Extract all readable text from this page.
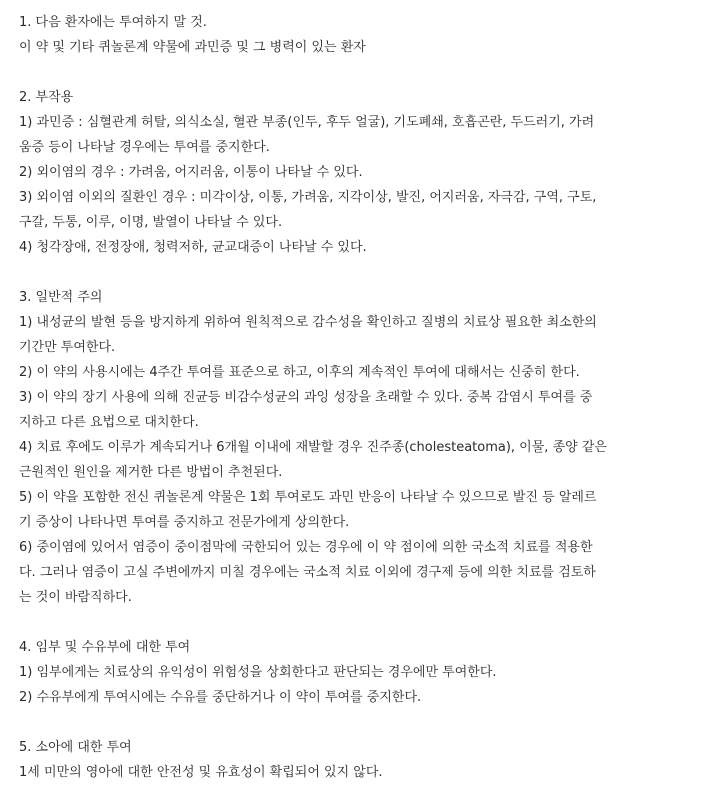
1. 다음 환자에는 투여하지 말 것.
이 약 및 기타 퀴놀론계 약물에 과민증 및 그 병력이 있는 환자
2. 부작용
1) 과민증 : 심혈관계 허탈, 의식소실, 혈관 부종(인두, 후두 얼굴), 기도폐쇄, 호흡곤란, 두드러기, 가려
움증 등이 나타날 경우에는 투여를 중지한다.
2) 외이염의 경우 : 가려움, 어지러움, 이통이 나타날 수 있다.
3) 외이염 이외의 질환인 경우 : 미각이상, 이통, 가려움, 지각이상, 발진, 어지러움, 자극감, 구역, 구토,
구갈, 두통, 이루, 이명, 발열이 나타날 수 있다.
4) 청각장애, 전정장애, 청력저하, 균교대증이 나타날 수 있다.
3. 일반적 주의
1) 내성균의 발현 등을 방지하게 위하여 원칙적으로 감수성을 확인하고 질병의 치료상 필요한 최소한의
기간만 투여한다.
2) 이 약의 사용시에는 4주간 투여를 표준으로 하고, 이후의 계속적인 투여에 대해서는 신중히 한다.
3) 이 약의 장기 사용에 의해 진균등 비감수성균의 과잉 성장을 초래할 수 있다. 중복 감염시 투여를 중
지하고 다른 요법으로 대치한다.
4) 치료 후에도 이루가 계속되거나 6개월 이내에 재발할 경우 진주종(cholesteatoma), 이물, 종양 같은
근원적인 원인을 제거한 다른 방법이 추천된다.
5) 이 약을 포함한 전신 퀴놀론계 약물은 1회 투여로도 과민 반응이 나타날 수 있으므로 발진 등 알레르
기 증상이 나타나면 투여를 중지하고 전문가에게 상의한다.
6) 중이염에 있어서 염증이 중이점막에 국한되어 있는 경우에 이 약 점이에 의한 국소적 치료를 적용한
다. 그러나 염증이 고실 주변에까지 미칠 경우에는 국소적 치료 이외에 경구제 등에 의한 치료를 검토하
는 것이 바람직하다.
4. 임부 및 수유부에 대한 투여
1) 임부에게는 치료상의 유익성이 위험성을 상회한다고 판단되는 경우에만 투여한다.
2) 수유부에게 투여시에는 수유를 중단하거나 이 약이 투여를 중지한다.
5. 소아에 대한 투여
1세 미만의 영아에 대한 안전성 및 유효성이 확립되어 있지 않다.
